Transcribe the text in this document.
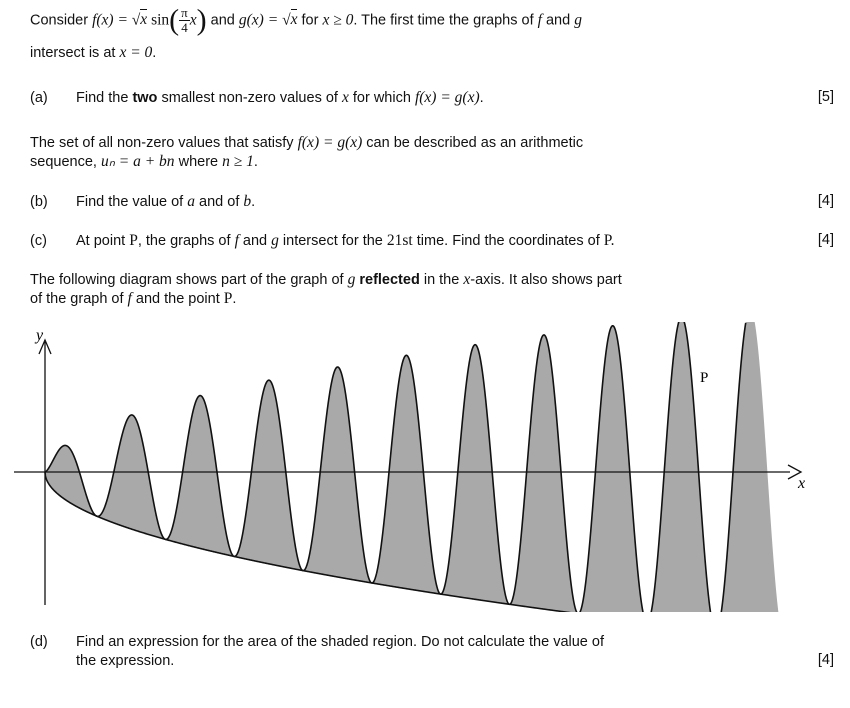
Consider f(x) = √x $\sin( \frac{\pi}{4} x)$ and g(x) = √x for x ≥ 0. The first time the graphs of f and g
intersect is at x = 0.
(a) Find the two smallest non-zero values of x for which f(x) = g(x).	[5]
The set of all non-zero values that satisfy f(x) = g(x) can be described as an arithmetic
sequence, uₙ = a + bn where n ≥ 1.
(b) Find the value of a and of b.	[4]
(c) At point P, the graphs of f and g intersect for the 21st time. Find the coordinates of P.	[4]
The following diagram shows part of the graph of g reflected in the x-axis. It also shows part
of the graph of f and the point P.
y
x
P
(d) Find an expression for the area of the shaded region. Do not calculate the value of
the expression.	[4]
